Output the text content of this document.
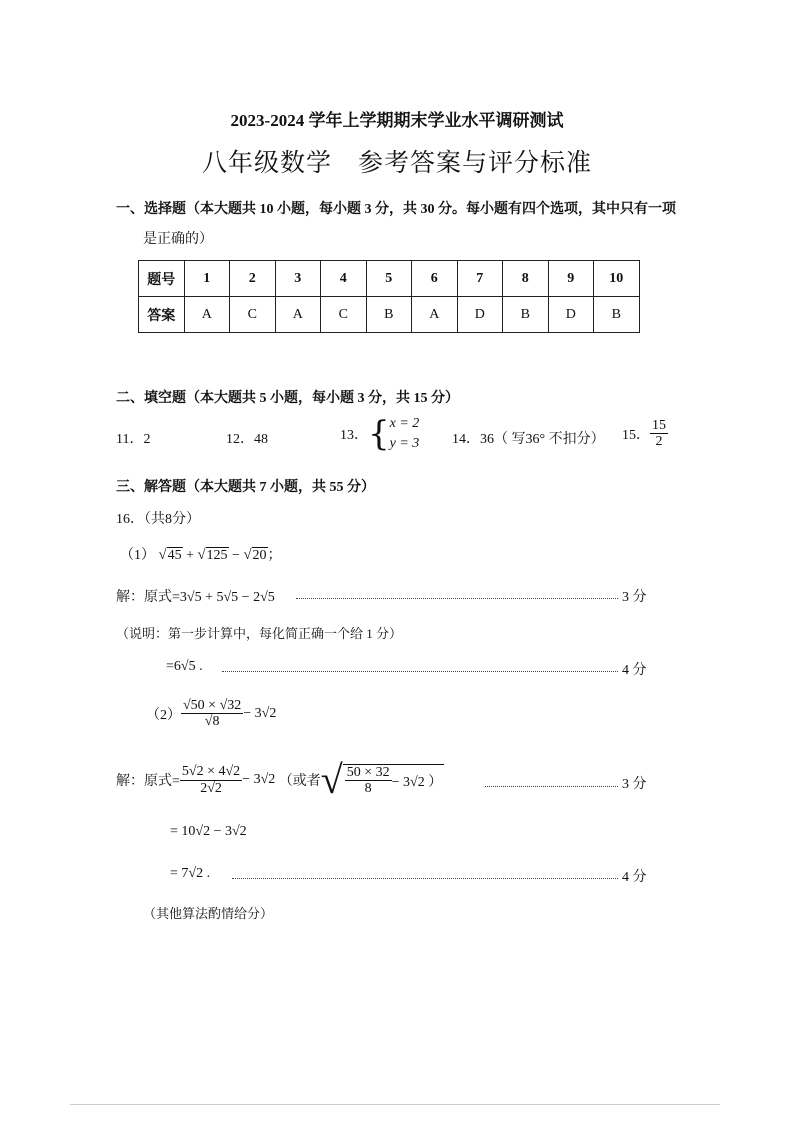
2023-2024 学年上学期期末学业水平调研测试
八年级数学　参考答案与评分标准
一、选择题（本大题共 10 小题，每小题 3 分，共 30 分。每小题有四个选项，其中只有一项
是正确的）
题号	1	2	3	4	5	6	7	8	9	10
答案	A	C	A	C	B	A	D	B	D	B
二、填空题（本大题共 5 小题，每小题 3 分，共 15 分）
11．2	12．48	13．{x = 2
y = 3 14．36（ 写36° 不扣分） 15． $\frac{15}{2}$
三、解答题（本大题共 7 小题，共 55 分）
16．（共8分）
（1） √45 + √125 − √20；
解：原式=3√5 + 5√5 − 2√5	3 分
（说明：第一步计算中，每化简正确一个给 1 分）
=6√5 .	4 分
$(2) \frac{√50 \times √32}{√8} - 3√2$
解：原式= $\frac{5√2 \times 4√2}{2√2} - 3√2$ （或者√ $\frac{50 \times 32}{8} - 3√2$ ）	3 分
= 10√2 − 3√2
= 7√2 .	4 分
（其他算法酌情给分）
